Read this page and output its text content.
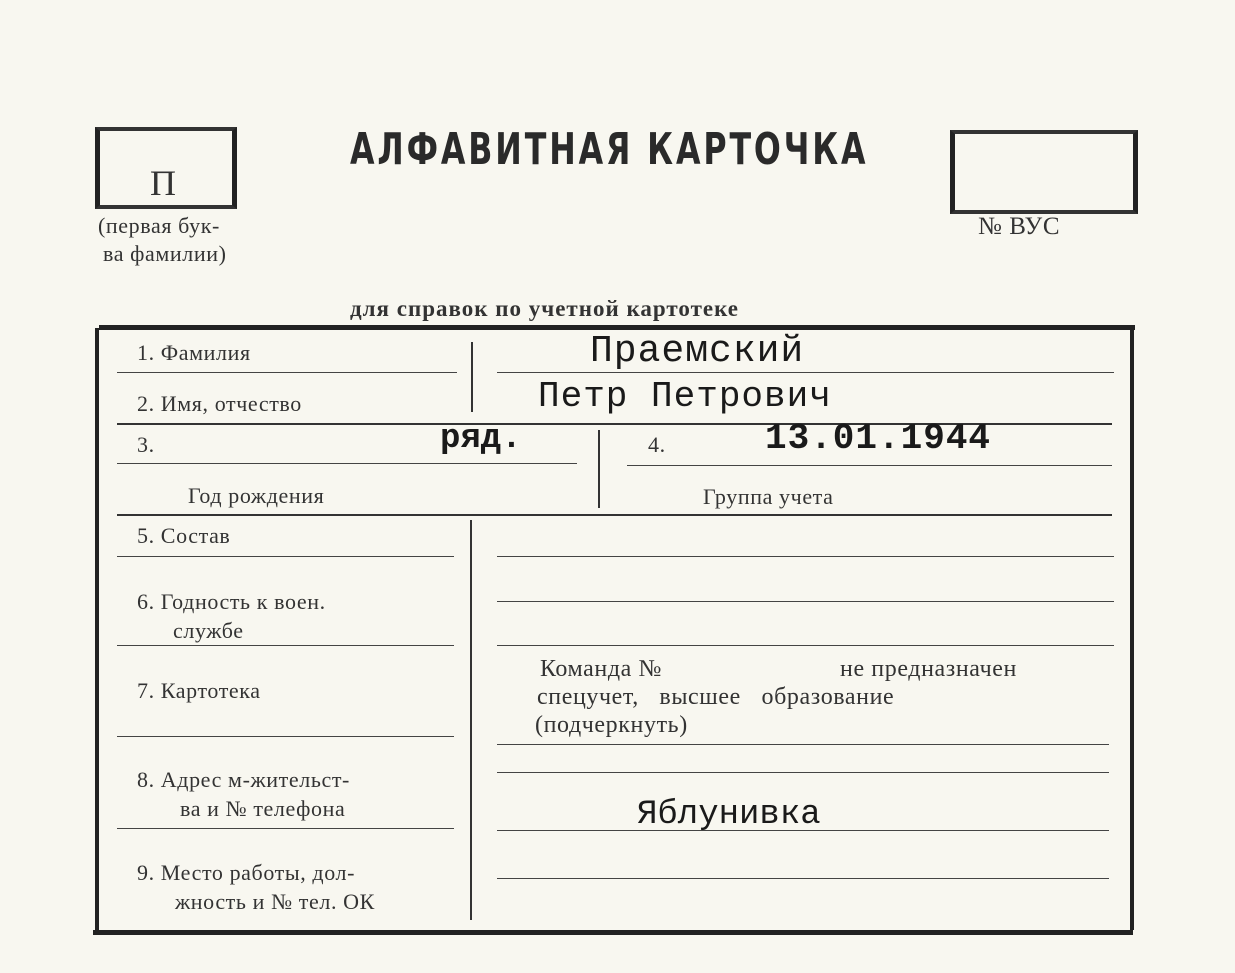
П
(первая бук-
ва фамилии)
АЛФАВИТНАЯ КАРТОЧКА
№ ВУС
для справок по учетной картотеке
1. Фамилия	Праемский
2. Имя, отчество	Петр Петрович
3.	ряд.
Год рождения
4.	13.01.1944
Группа учета
5. Состав
6. Годность к воен.
службе
7. Картотека
Команда №	не предназначен
спецучет, высшее образование
(подчеркнуть)
8. Адрес м-жительст-
ва и № телефона	Яблунивка
9. Место работы, дол-
жность и № тел. ОК
